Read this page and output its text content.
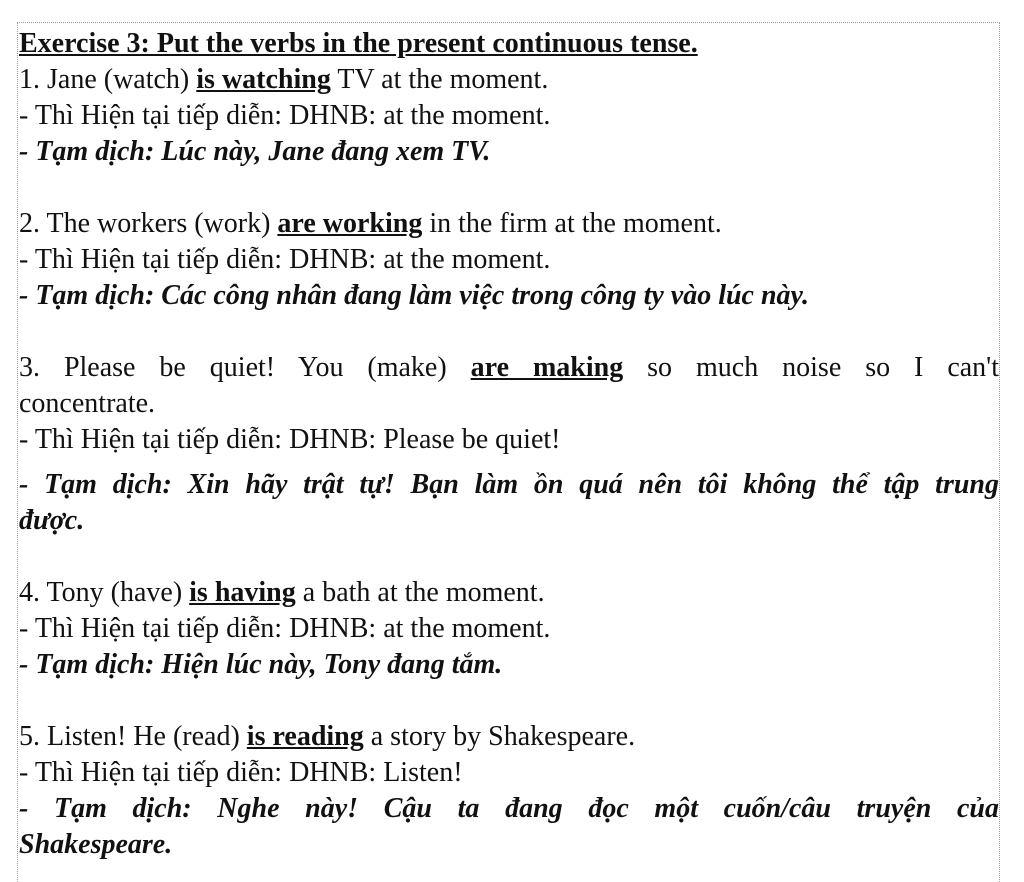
Exercise 3: Put the verbs in the present continuous tense.
1. Jane (watch) is watching TV at the moment.
- Thì Hiện tại tiếp diễn: DHNB: at the moment.
- Tạm dịch: Lúc này, Jane đang xem TV.
2. The workers (work) are working in the firm at the moment.
- Thì Hiện tại tiếp diễn: DHNB: at the moment.
- Tạm dịch: Các công nhân đang làm việc trong công ty vào lúc này.
3. Please be quiet! You (make) are making so much noise so I can't
concentrate.
- Thì Hiện tại tiếp diễn: DHNB: Please be quiet!
- Tạm dịch: Xin hãy trật tự! Bạn làm ồn quá nên tôi không thể tập trung
được.
4. Tony (have) is having a bath at the moment.
- Thì Hiện tại tiếp diễn: DHNB: at the moment.
- Tạm dịch: Hiện lúc này, Tony đang tắm.
5. Listen! He (read) is reading a story by Shakespeare.
- Thì Hiện tại tiếp diễn: DHNB: Listen!
- Tạm dịch: Nghe này! Cậu ta đang đọc một cuốn/câu truyện của
Shakespeare.
